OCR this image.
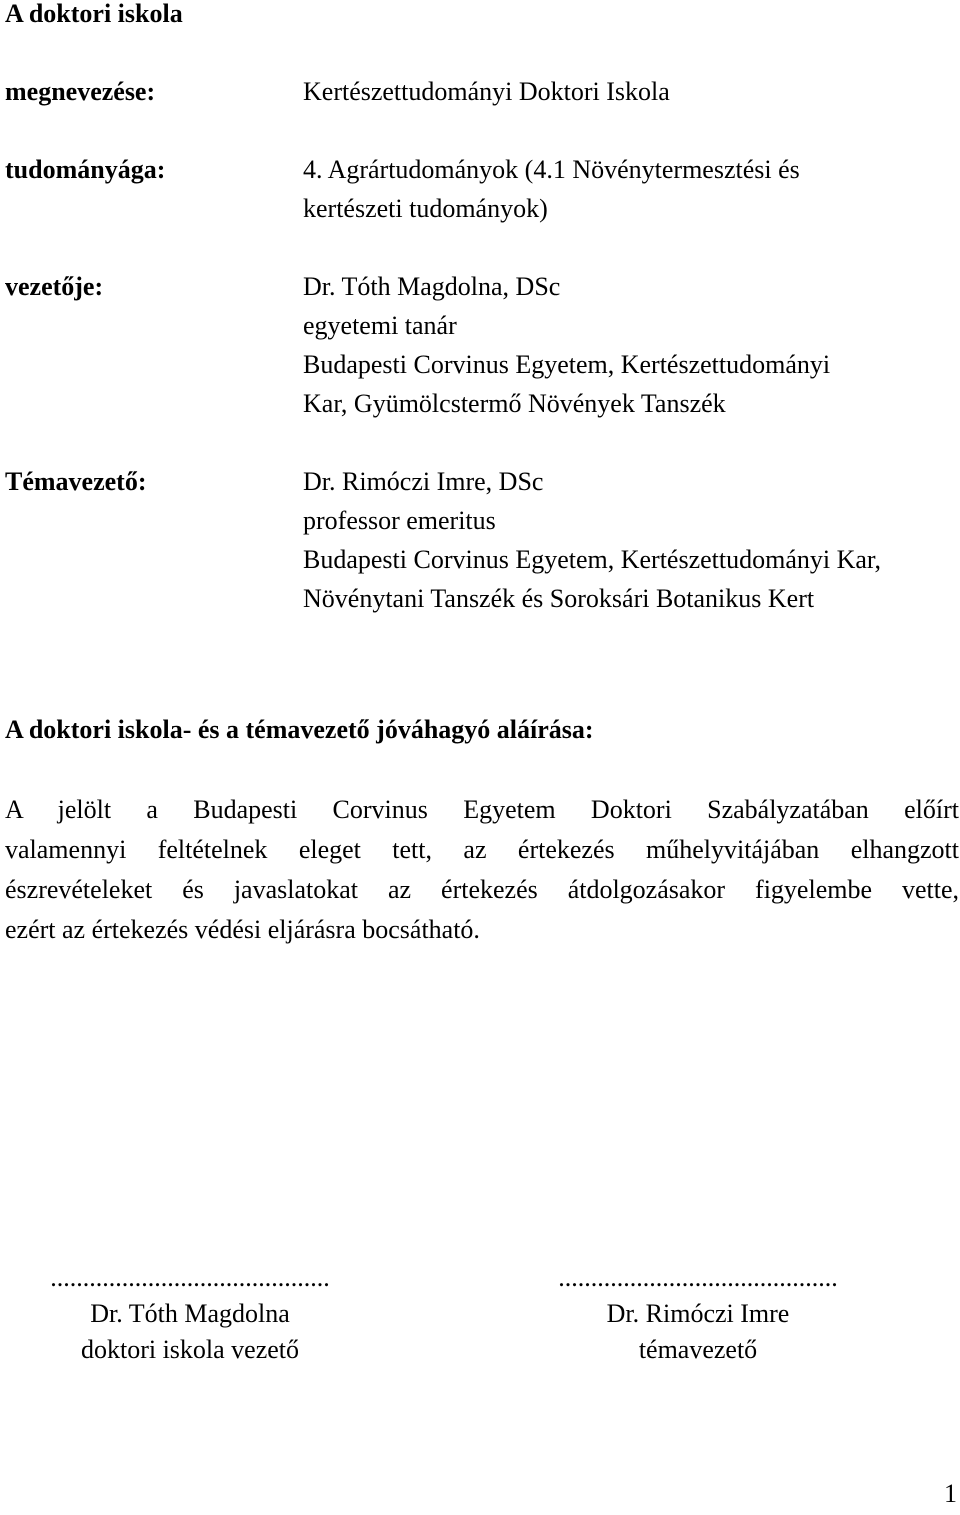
A doktori iskola
megnevezése:	Kertészettudományi Doktori Iskola
tudományága:	4. Agrártudományok (4.1 Növénytermesztési és
kertészeti tudományok)
vezetője:	Dr. Tóth Magdolna, DSc
egyetemi tanár
Budapesti Corvinus Egyetem, Kertészettudományi
Kar, Gyümölcstermő Növények Tanszék
Témavezető:	Dr. Rimóczi Imre, DSc
professor emeritus
Budapesti Corvinus Egyetem, Kertészettudományi Kar,
Növénytani Tanszék és Soroksári Botanikus Kert
A doktori iskola- és a témavezető jóváhagyó aláírása:
A jelölt a Budapesti Corvinus Egyetem Doktori Szabályzatában előírt
valamennyi feltételnek eleget tett, az értekezés műhelyvitájában elhangzott
észrevételeket és javaslatokat az értekezés átdolgozásakor figyelembe vette,
ezért az értekezés védési eljárásra bocsátható.
...........................................
Dr. Tóth Magdolna
doktori iskola vezető
...........................................
Dr. Rimóczi Imre
témavezető
1
